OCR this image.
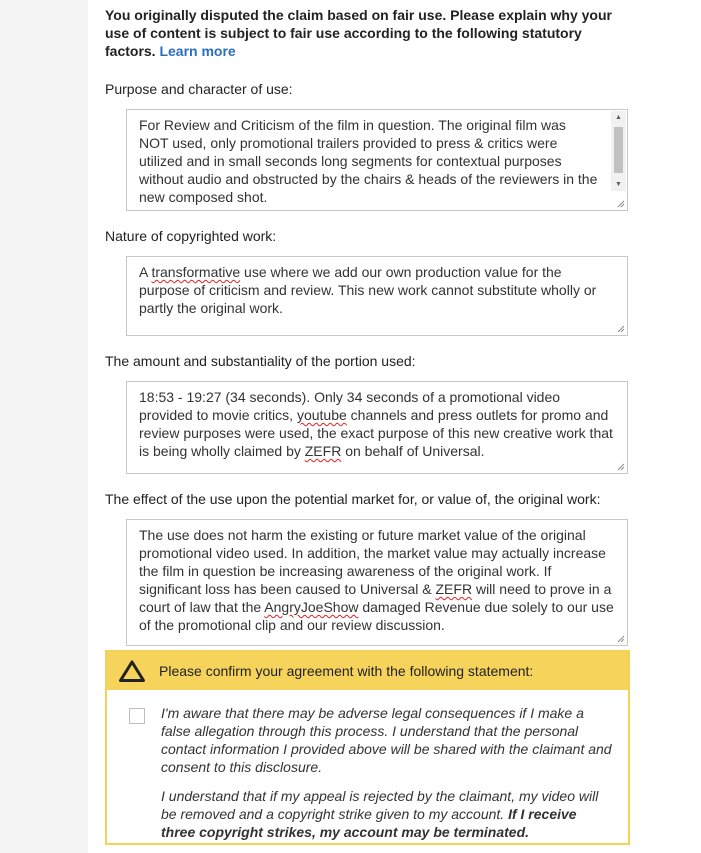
You originally disputed the claim based on fair use. Please explain why your use of content is subject to fair use according to the following statutory factors. Learn more

Purpose and character of use:

For Review and Criticism of the film in question. The original film was NOT used, only promotional trailers provided to press & critics were utilized and in small seconds long segments for contextual purposes without audio and obstructed by the chairs & heads of the reviewers in the new composed shot.
▲
▼

Nature of copyrighted work:

A transformative use where we add our own production value for the purpose of criticism and review. This new work cannot substitute wholly or partly the original work.

The amount and substantiality of the portion used:

18:53 - 19:27 (34 seconds). Only 34 seconds of a promotional video provided to movie critics, youtube channels and press outlets for promo and review purposes were used, the exact purpose of this new creative work that is being wholly claimed by ZEFR on behalf of Universal.

The effect of the use upon the potential market for, or value of, the original work:

The use does not harm the existing or future market value of the original promotional video used. In addition, the market value may actually increase the film in question be increasing awareness of the original work. If significant loss has been caused to Universal & ZEFR will need to prove in a court of law that the AngryJoeShow damaged Revenue due solely to our use of the promotional clip and our review discussion.
Please confirm your agreement with the following statement:

I'm aware that there may be adverse legal consequences if I make a false allegation through this process. I understand that the personal contact information I provided above will be shared with the claimant and consent to this disclosure.

I understand that if my appeal is rejected by the claimant, my video will be removed and a copyright strike given to my account. If I receive three copyright strikes, my account may be terminated.
